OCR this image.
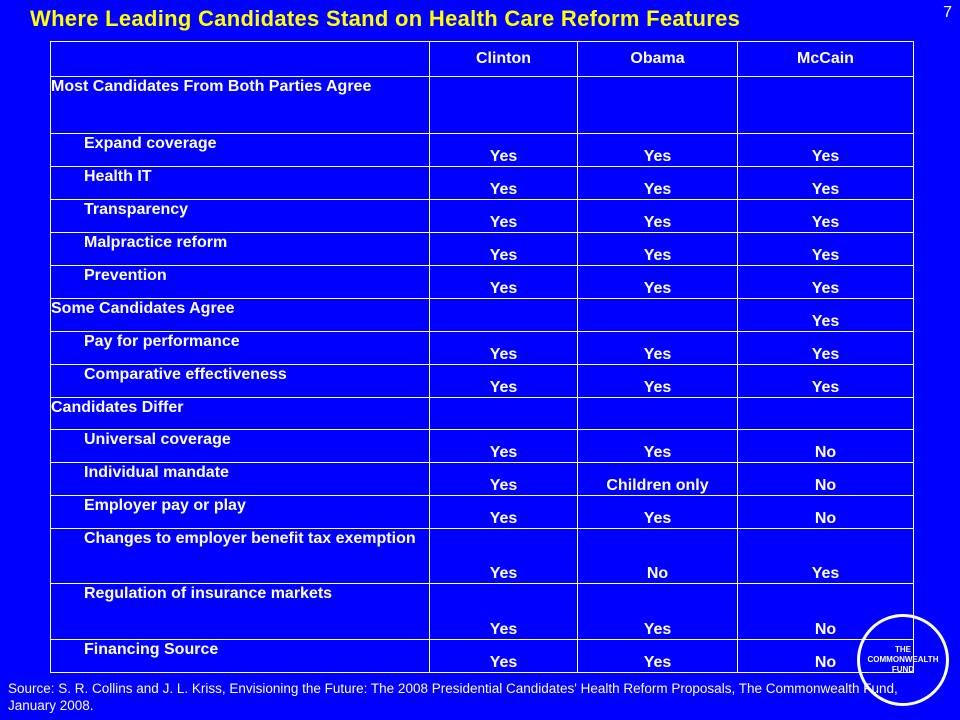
Where Leading Candidates Stand on Health Care Reform Features	7
	Clinton	Obama	McCain
Most Candidates From Both Parties Agree			
Expand coverage	Yes	Yes	Yes
Health IT	Yes	Yes	Yes
Transparency	Yes	Yes	Yes
Malpractice reform	Yes	Yes	Yes
Prevention	Yes	Yes	Yes
Some Candidates Agree			Yes
Pay for performance	Yes	Yes	Yes
Comparative effectiveness	Yes	Yes	Yes
Candidates Differ			
Universal coverage	Yes	Yes	No
Individual mandate	Yes	Children only	No
Employer pay or play	Yes	Yes	No
Changes to employer benefit tax exemption	Yes	No	Yes
Regulation of insurance markets	Yes	Yes	No
Financing Source	Yes	Yes	No
Source: S. R. Collins and J. L. Kriss, Envisioning the Future: The 2008 Presidential Candidates' Health Reform Proposals, The Commonwealth Fund, January 2008.
THE
COMMONWEALTH
FUND
